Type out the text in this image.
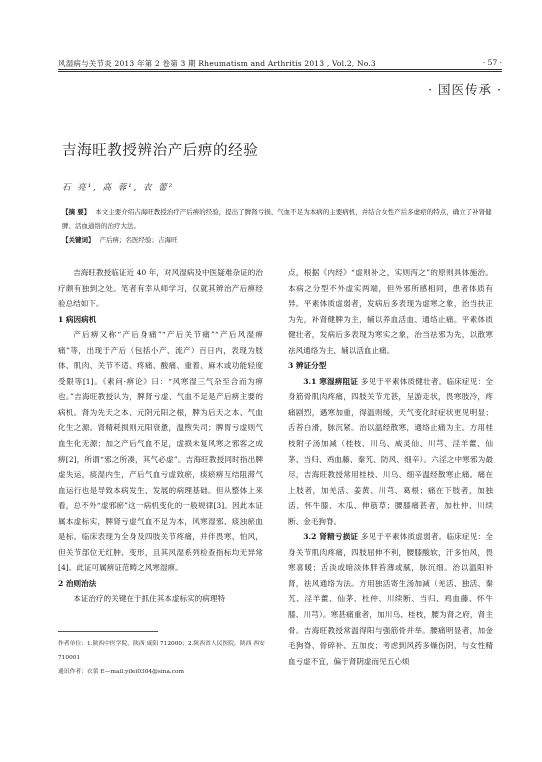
风湿病与关节炎 2013 年第 2 卷第 3 期 Rheumatism and Arthritis 2013 , Vol.2, No.3	· 57 ·
· 国医传承 ·
吉海旺教授辨治产后痹的经验
石 亮¹, 高 蓉¹, 衣 蕾²

【摘 要】 本文主要介绍吉海旺教授治疗产后痹的经验，提出了脾肾亏损、气血不足为本病的主要病机，并结合女性产后多虚瘀的特点，确立了补肾健脾、活血通络的治疗大法。

【关键词】 产后痹；名医经验；吉海旺

吉海旺教授临证近 40 年，对风湿病及中医疑难杂证的治疗颇有独到之处。笔者有幸从师学习，仅就其辨治产后痹经验总结如下。

1 病因病机

产后痹又称“产后身痛”“产后关节痛”“产后风湿痹痛”等，出现于产后（包括小产、流产）百日内，表现为肢体、肌肉、关节不适、疼痛、酸痛、重着、麻木或功能轻度受限等[1]。《素问·痹论》曰：“风寒湿三气杂至合而为痹也。”吉海旺教授认为，脾肾亏虚、气血不足是产后痹主要的病机。肾为先天之本、元阴元阳之根，脾为后天之本、气血化生之源。肾精耗损则元阳衰惫，温煦失司；脾胃亏虚则气血生化无源；加之产后气血不足，虚损未复风寒之邪客之成痹[2]，所谓“邪之所凑，其气必虚”。吉海旺教授同时指出脾虚失运，痰湿内生，产后气血亏虚致瘀，痰瘀痹互结阻滞气血运行也是导致本病发生、发展的病理基础。但从整体上来看，总不外“虚邪瘀”这一病机变化的一般规律[3]。因此本证属本虚标实，脾肾亏虚气血不足为本，风寒湿邪、痰浊瘀血是标。临床表现为全身及四肢关节疼痛，并伴畏寒、怕风，但关节部位无红肿、变形，且其风湿系列检查指标均无异常[4]。此证可属痹证范畴之风寒湿痹。

2 治则治法

本证治疗的关键在于抓住其本虚标实的病理特

点，根据《内经》“虚则补之，实则泻之”的原则具体施治。本病之分型不外虚实两端，但外邪所感相同，患者体质有异。平素体质虚弱者，发病后多表现为虚寒之象，治当扶正为先，补肾健脾为主，辅以养血活血、通络止痛。平素体质健壮者，发病后多表现为寒实之象，治当祛邪为先，以散寒祛风通络为主，辅以活血止痛。

3 辨证分型

3.1 寒湿痹阻证 多见于平素体质健壮者。临床症见：全身筋骨肌肉疼痛，四肢关节尤甚，呈游走状，畏寒肢冷，疼痛剧烈，遇寒加重，得温则缓，天气变化时症状更见明显；舌苔白滑，脉沉紧。治以温经散寒，通络止痛为主。方用桂枝附子汤加减（桂枝、川乌、威灵仙、川芎、淫羊藿、仙茅、当归、鸡血藤、秦艽、防风、细辛）。六淫之中寒邪为最尽，吉海旺教授常用桂枝、川乌、细辛温经散寒止痛。痛在上肢者，加羌活、姜黄、川芎、葛根；痛在下肢者，加独活、怀牛膝、木瓜、伸筋草；腰膝痛甚者，加杜仲、川续断、金毛狗脊。

3.2 肾精亏损证 多见于平素体质虚弱者。临床症见：全身关节肌肉疼痛，四肢屈伸不利，腰膝酸软，汗多怕风，畏寒喜暖；舌淡或暗淡体胖苔薄或腻，脉沉细。治以温阳补肾，祛风通络为法。方用独活寄生汤加减（羌活、独活、秦艽、淫羊藿、仙茅、杜仲、川续断、当归、鸡血藤、怀牛膝、川芎）。寒甚痛重者，加川乌、桂枝，腰为肾之府，肾主骨。吉海旺教授常温得阳与强筋骨并举。腰痛明显者，加金毛狗脊、骨碎补、五加皮；考虑到风药多燥伤阴，与女性精血亏虚不宜，偏于肾阴虚而见五心烦

作者单位：1.陕西中医学院，陕西 咸阳 712000；2.陕西省人民医院，陕西 西安 710001

通讯作者：衣蕾 E—mail:yilei0304@sina.com
